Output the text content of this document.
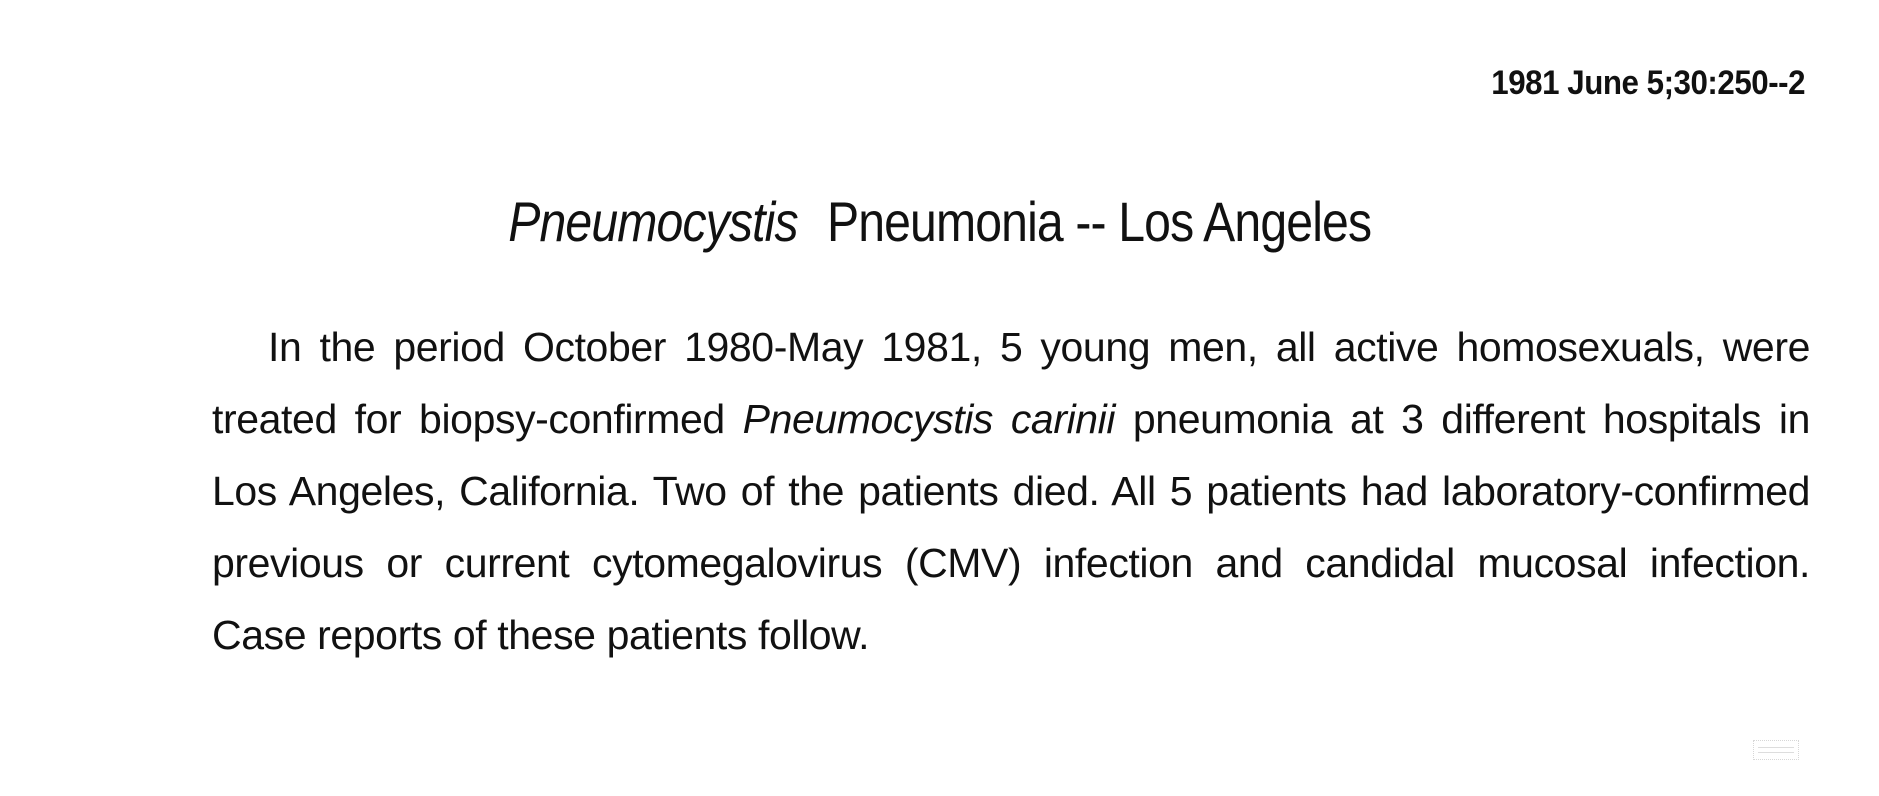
1981 June 5;30:250--2
Pneumocystis Pneumonia -- Los Angeles

In the period October 1980-May 1981, 5 young men, all active homosexuals, were treated for biopsy-confirmed Pneumocystis carinii pneumonia at 3 different hospitals in Los Angeles, California. Two of the patients died. All 5 patients had laboratory-confirmed previous or current cytomegalovirus (CMV) infection and candidal mucosal infection. Case reports of these patients follow.
